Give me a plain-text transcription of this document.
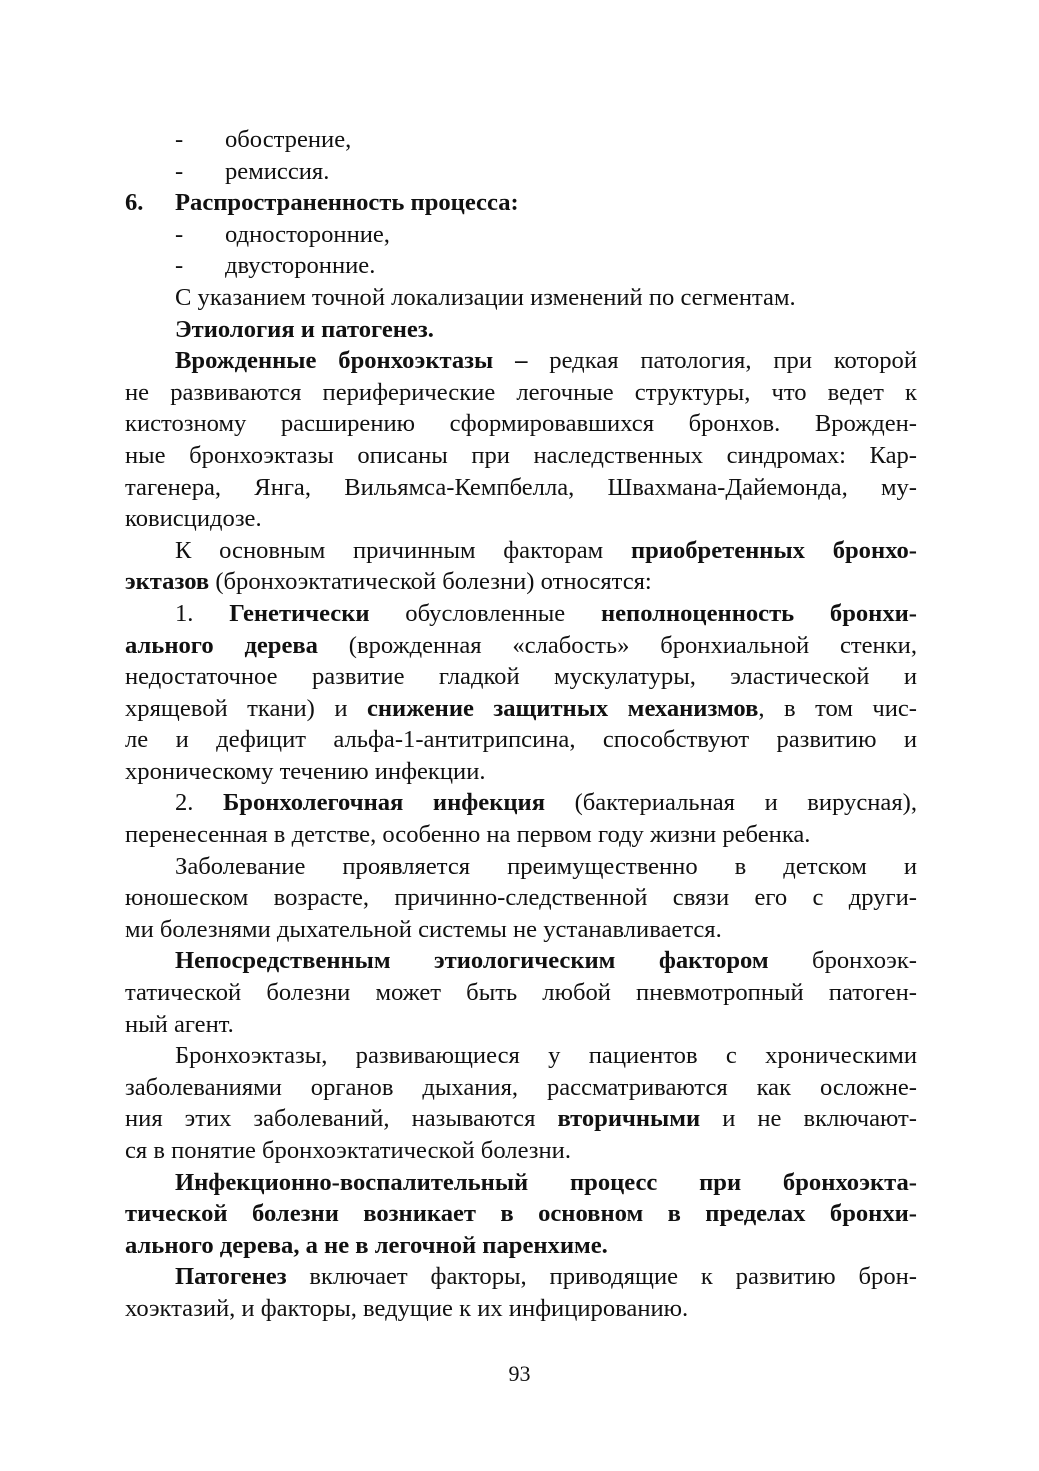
- обострение,
- ремиссия.
6. Распространенность процесса:
- односторонние,
- двусторонние.
С указанием точной локализации изменений по сегментам.
Этиология и патогенез.
Врожденные бронхоэктазы – редкая патология, при которой
не развиваются периферические легочные структуры, что ведет к
кистозному расширению сформировавшихся бронхов. Врожден-
ные бронхоэктазы описаны при наследственных синдромах: Кар-
тагенера, Янга, Вильямса-Кемпбелла, Швахмана-Дайемонда, му-
ковисцидозе.
К основным причинным факторам приобретенных бронхо-
эктазов (бронхоэктатической болезни) относятся:
1. Генетически обусловленные неполноценность бронхи-
ального дерева (врожденная «слабость» бронхиальной стенки,
недостаточное развитие гладкой мускулатуры, эластической и
хрящевой ткани) и снижение защитных механизмов, в том чис-
ле и дефицит альфа-1-антитрипсина, способствуют развитию и
хроническому течению инфекции.
2. Бронхолегочная инфекция (бактериальная и вирусная),
перенесенная в детстве, особенно на первом году жизни ребенка.
Заболевание проявляется преимущественно в детском и
юношеском возрасте, причинно-следственной связи его с други-
ми болезнями дыхательной системы не устанавливается.
Непосредственным этиологическим фактором бронхоэк-
татической болезни может быть любой пневмотропный патоген-
ный агент.
Бронхоэктазы, развивающиеся у пациентов с хроническими
заболеваниями органов дыхания, рассматриваются как осложне-
ния этих заболеваний, называются вторичными и не включают-
ся в понятие бронхоэктатической болезни.
Инфекционно-воспалительный процесс при бронхоэкта-
тической болезни возникает в основном в пределах бронхи-
ального дерева, а не в легочной паренхиме.
Патогенез включает факторы, приводящие к развитию брон-
хоэктазий, и факторы, ведущие к их инфицированию.
93
